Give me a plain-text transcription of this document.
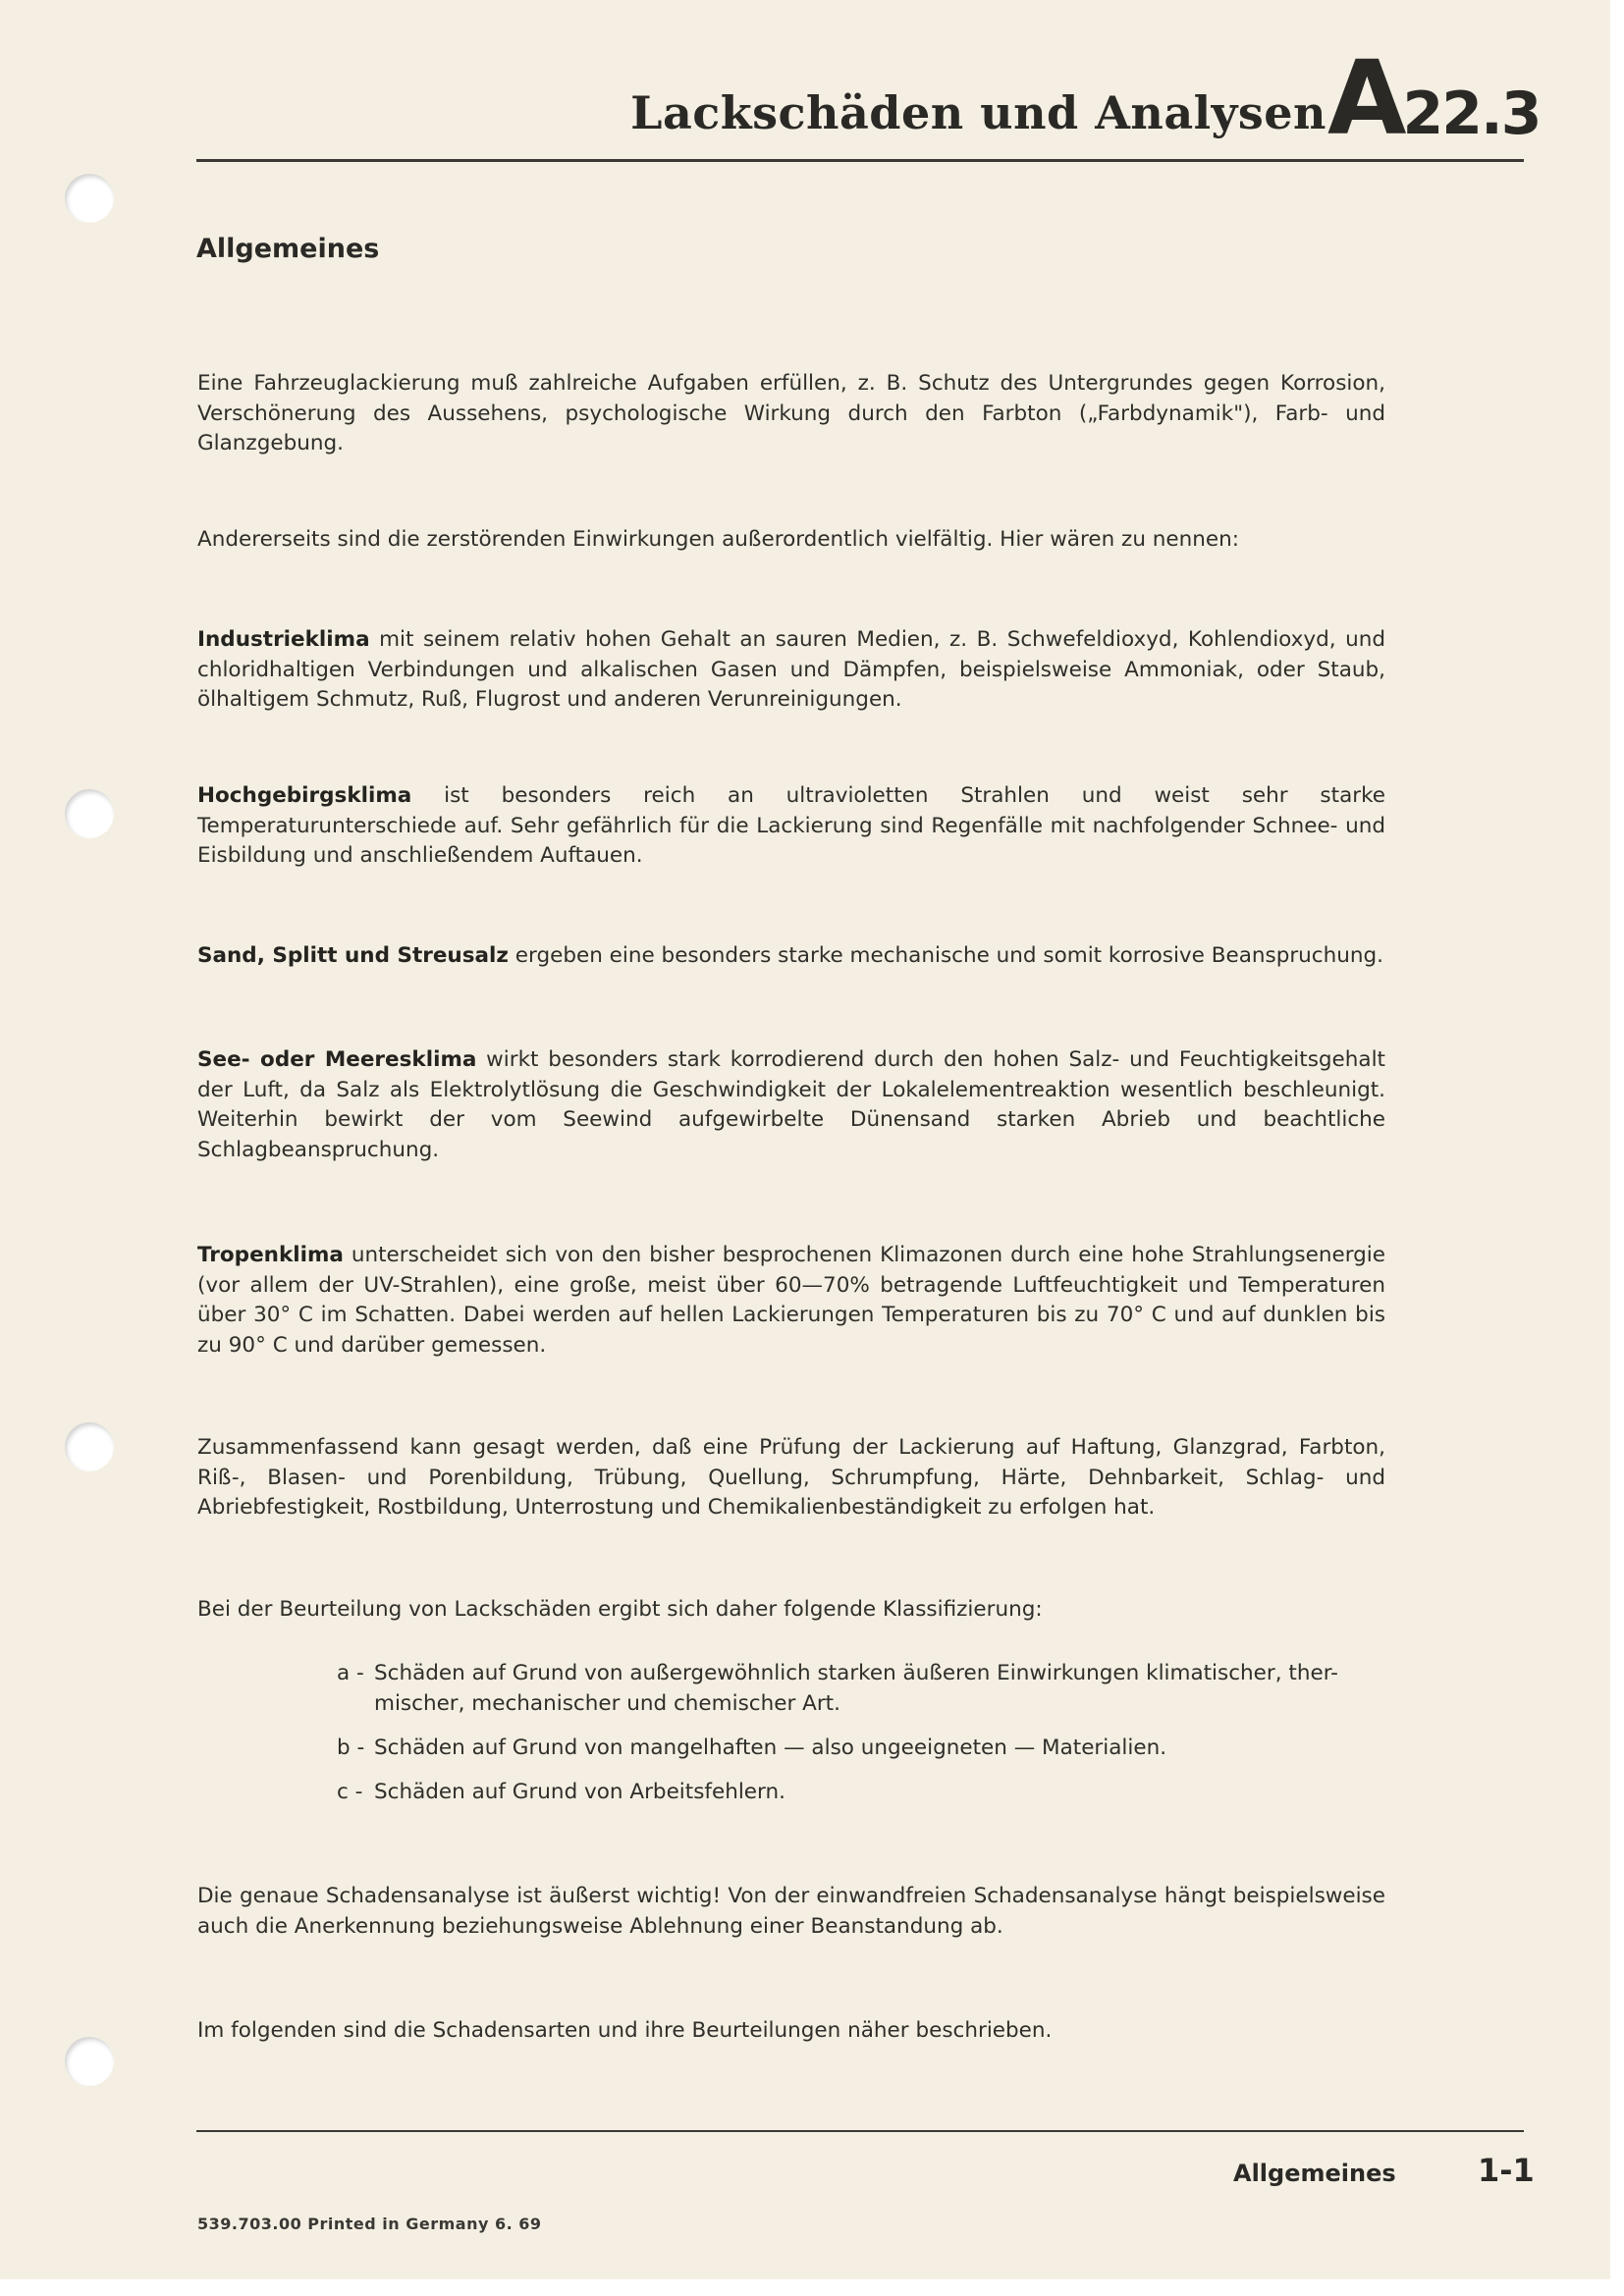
Lackschäden und Analysen A22.3
Allgemeines

Eine Fahrzeuglackierung muß zahlreiche Aufgaben erfüllen, z. B. Schutz des Untergrundes gegen Korrosion, Verschönerung des Aussehens, psychologische Wirkung durch den Farbton („Farbdynamik"), Farb- und Glanzgebung.

Andererseits sind die zerstörenden Einwirkungen außerordentlich vielfältig. Hier wären zu nennen:

Industrieklima mit seinem relativ hohen Gehalt an sauren Medien, z. B. Schwefeldioxyd, Kohlendioxyd, und chloridhaltigen Verbindungen und alkalischen Gasen und Dämpfen, beispielsweise Ammoniak, oder Staub, ölhaltigem Schmutz, Ruß, Flugrost und anderen Verunreinigungen.

Hochgebirgsklima ist besonders reich an ultravioletten Strahlen und weist sehr starke Temperaturunterschiede auf. Sehr gefährlich für die Lackierung sind Regenfälle mit nachfolgender Schnee- und Eisbildung und anschließendem Auftauen.

Sand, Splitt und Streusalz ergeben eine besonders starke mechanische und somit korrosive Beanspruchung.

See- oder Meeresklima wirkt besonders stark korrodierend durch den hohen Salz- und Feuchtigkeitsgehalt der Luft, da Salz als Elektrolytlösung die Geschwindigkeit der Lokalelementreaktion wesentlich beschleunigt. Weiterhin bewirkt der vom Seewind aufgewirbelte Dünensand starken Abrieb und beachtliche Schlagbeanspruchung.

Tropenklima unterscheidet sich von den bisher besprochenen Klimazonen durch eine hohe Strahlungsenergie (vor allem der UV-Strahlen), eine große, meist über 60—70% betragende Luftfeuchtigkeit und Temperaturen über 30° C im Schatten. Dabei werden auf hellen Lackierungen Temperaturen bis zu 70° C und auf dunklen bis zu 90° C und darüber gemessen.

Zusammenfassend kann gesagt werden, daß eine Prüfung der Lackierung auf Haftung, Glanzgrad, Farbton, Riß-, Blasen- und Porenbildung, Trübung, Quellung, Schrumpfung, Härte, Dehnbarkeit, Schlag- und Abriebfestigkeit, Rostbildung, Unterrostung und Chemikalienbeständigkeit zu erfolgen hat.

Bei der Beurteilung von Lackschäden ergibt sich daher folgende Klassifizierung:

a - Schäden auf Grund von außergewöhnlich starken äußeren Einwirkungen klimatischer, ther-
mischer, mechanischer und chemischer Art.
b - Schäden auf Grund von mangelhaften — also ungeeigneten — Materialien.
c - Schäden auf Grund von Arbeitsfehlern.

Die genaue Schadensanalyse ist äußerst wichtig! Von der einwandfreien Schadensanalyse hängt beispielsweise auch die Anerkennung beziehungsweise Ablehnung einer Beanstandung ab.

Im folgenden sind die Schadensarten und ihre Beurteilungen näher beschrieben.

Allgemeines	1-1
539.703.00 Printed in Germany 6. 69
